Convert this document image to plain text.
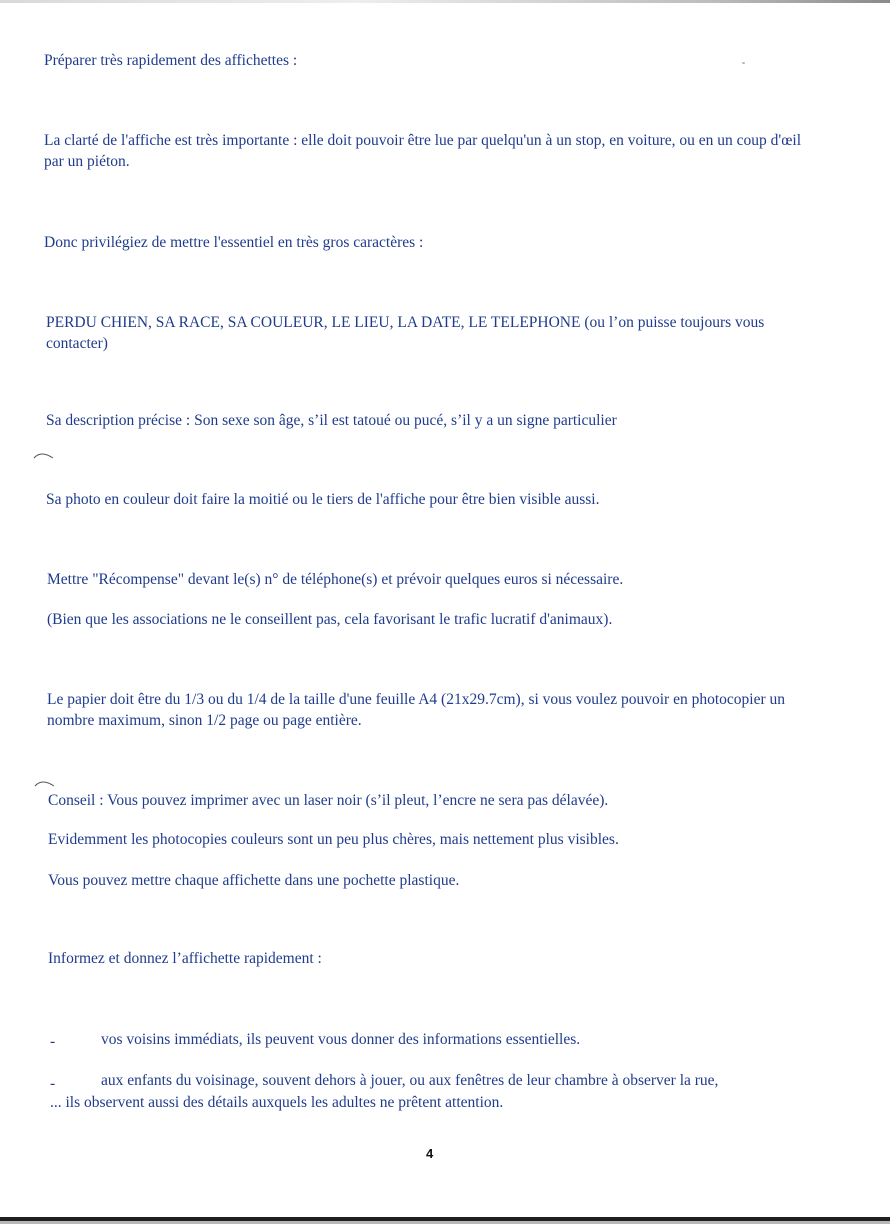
Préparer très rapidement des affichettes :

La clarté de l'affiche est très importante : elle doit pouvoir être lue par quelqu'un à un stop, en voiture, ou en un coup d'œil par un piéton.

Donc privilégiez de mettre l'essentiel en très gros caractères :

PERDU CHIEN, SA RACE, SA COULEUR, LE LIEU, LA DATE, LE TELEPHONE (ou l’on puisse toujours vous contacter)

Sa description précise : Son sexe son âge, s’il est tatoué ou pucé, s’il y a un signe particulier

Sa photo en couleur doit faire la moitié ou le tiers de l'affiche pour être bien visible aussi.

Mettre "Récompense" devant le(s) n° de téléphone(s) et prévoir quelques euros si nécessaire.

(Bien que les associations ne le conseillent pas, cela favorisant le trafic lucratif d'animaux).

Le papier doit être du 1/3 ou du 1/4 de la taille d'une feuille A4 (21x29.7cm), si vous voulez pouvoir en photocopier un nombre maximum, sinon 1/2 page ou page entière.

Conseil : Vous pouvez imprimer avec un laser noir (s’il pleut, l’encre ne sera pas délavée).

Evidemment les photocopies couleurs sont un peu plus chères, mais nettement plus visibles.

Vous pouvez mettre chaque affichette dans une pochette plastique.

Informez et donnez l’affichette rapidement :

-	vos voisins immédiats, ils peuvent vous donner des informations essentielles.

-	aux enfants du voisinage, souvent dehors à jouer, ou aux fenêtres de leur chambre à observer la rue,

... ils observent aussi des détails auxquels les adultes ne prêtent attention.

4
